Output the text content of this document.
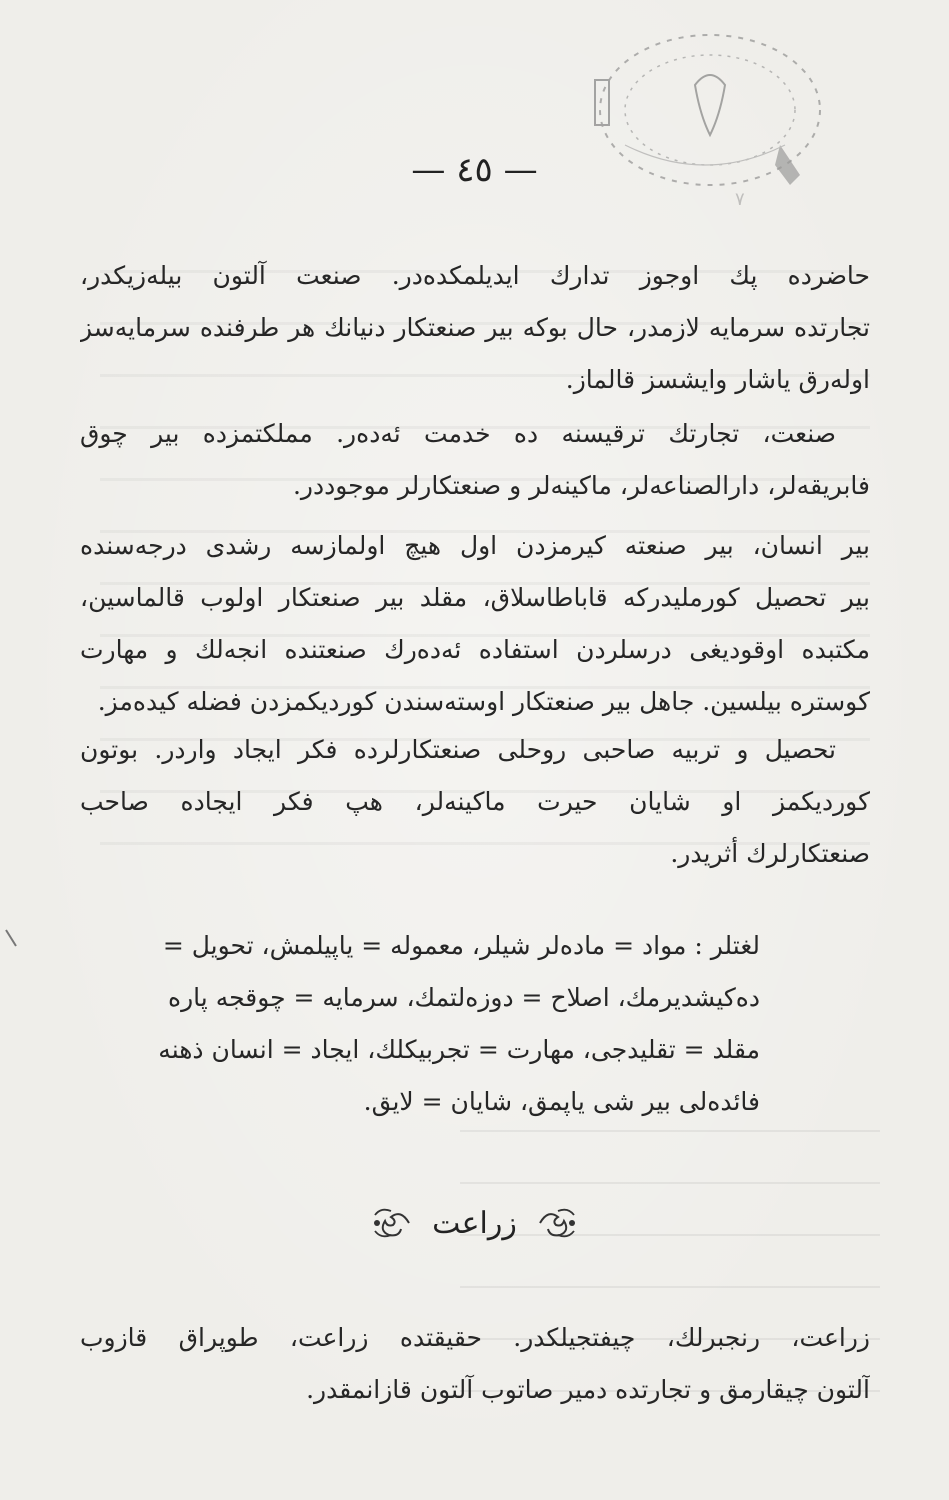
٧
— ٤٥ —
حاضرده پك اوجوز تدارك ايديلمكده‌در. صنعت آلتون بيله‌زيكدر،
تجارتده سرمايه لازمدر، حال بوكه بير صنعتكار دنيانك هر طرفنده سرمايه‌سز
اوله‌رق ياشار وايشسز قالماز.
صنعت، تجارتك ترقيسنه ده خدمت ئه‌دەر. مملكتمزده بير چوق
فابريقه‌لر، دارالصناعه‌لر، ماكينه‌لر و صنعتكارلر موجوددر.
بير انسان، بير صنعته كيرمزدن اول هيچ اولمازسه رشدى درجه‌سنده
بير تحصيل كورمليدركه قاباطاسلاق، مقلد بير صنعتكار اولوب قالماسين،
مكتبده اوقوديغى درسلردن استفاده ئه‌ده‌رك صنعتنده انجه‌لك و مهارت
كوستره بيلسين. جاهل بير صنعتكار اوسته‌سندن كورديكمزدن فضله كيده‌مز.
تحصيل و تربيه صاحبى روحلى صنعتكارلرده فكر ايجاد واردر. بوتون
كورديكمز او شايان حيرت ماكينه‌لر، هپ فكر ايجاده صاحب
صنعتكارلرك أثريدر.
لغتلر : مواد = ماده‌لر شيلر، معموله = ياپيلمش، تحويل =
ده‌كيشديرمك، اصلاح = دوزه‌لتمك، سرمايه = چوقجه پاره
مقلد = تقليدجى، مهارت = تجربيكلك، ايجاد = انسان ذهنه
فائده‌لى بير شى ياپمق، شايان = لايق.
زراعت
زراعت، رنجبرلك، چيفتجيلكدر. حقيقتده زراعت، طوپراق قازوب
آلتون چيقارمق و تجارتده دمير صاتوب آلتون قازانمقدر.
